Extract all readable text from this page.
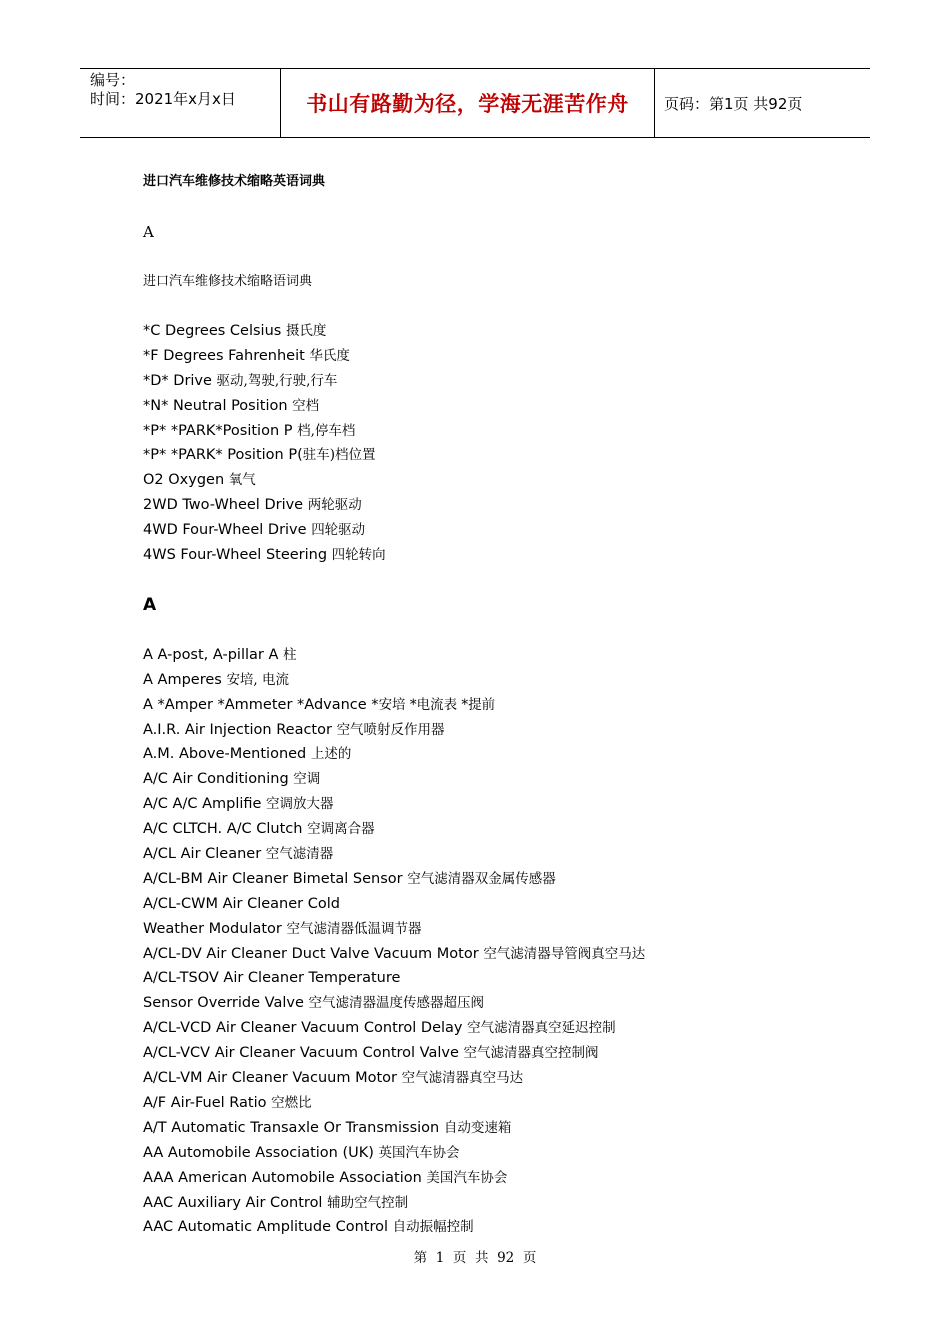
编号：
时间：2021年x月x日	书山有路勤为径，学海无涯苦作舟 页码：第1页 共92页
进口汽车维修技术缩略英语词典
A
进口汽车维修技术缩略语词典
*C Degrees Celsius 摄氏度
*F Degrees Fahrenheit 华氏度
*D* Drive 驱动,驾驶,行驶,行车
*N* Neutral Position 空档
*P* *PARK*Position P 档,停车档
*P* *PARK* Position P(驻车)档位置
O2 Oxygen 氧气
2WD Two-Wheel Drive 两轮驱动
4WD Four-Wheel Drive 四轮驱动
4WS Four-Wheel Steering 四轮转向
A
A A-post, A-pillar A 柱
A Amperes 安培, 电流
A *Amper *Ammeter *Advance *安培 *电流表 *提前
A.I.R. Air Injection Reactor 空气喷射反作用器
A.M. Above-Mentioned 上述的
A/C Air Conditioning 空调
A/C A/C Amplifie 空调放大器
A/C CLTCH. A/C Clutch 空调离合器
A/CL Air Cleaner 空气滤清器
A/CL-BM Air Cleaner Bimetal Sensor 空气滤清器双金属传感器
A/CL-CWM Air Cleaner Cold
Weather Modulator 空气滤清器低温调节器
A/CL-DV Air Cleaner Duct Valve Vacuum Motor 空气滤清器导管阀真空马达
A/CL-TSOV Air Cleaner Temperature
Sensor Override Valve 空气滤清器温度传感器超压阀
A/CL-VCD Air Cleaner Vacuum Control Delay 空气滤清器真空延迟控制
A/CL-VCV Air Cleaner Vacuum Control Valve 空气滤清器真空控制阀
A/CL-VM Air Cleaner Vacuum Motor 空气滤清器真空马达
A/F Air-Fuel Ratio 空燃比
A/T Automatic Transaxle Or Transmission 自动变速箱
AA Automobile Association (UK) 英国汽车协会
AAA American Automobile Association 美国汽车协会
AAC Auxiliary Air Control 辅助空气控制
AAC Automatic Amplitude Control 自动振幅控制
第  1  页  共  92  页
